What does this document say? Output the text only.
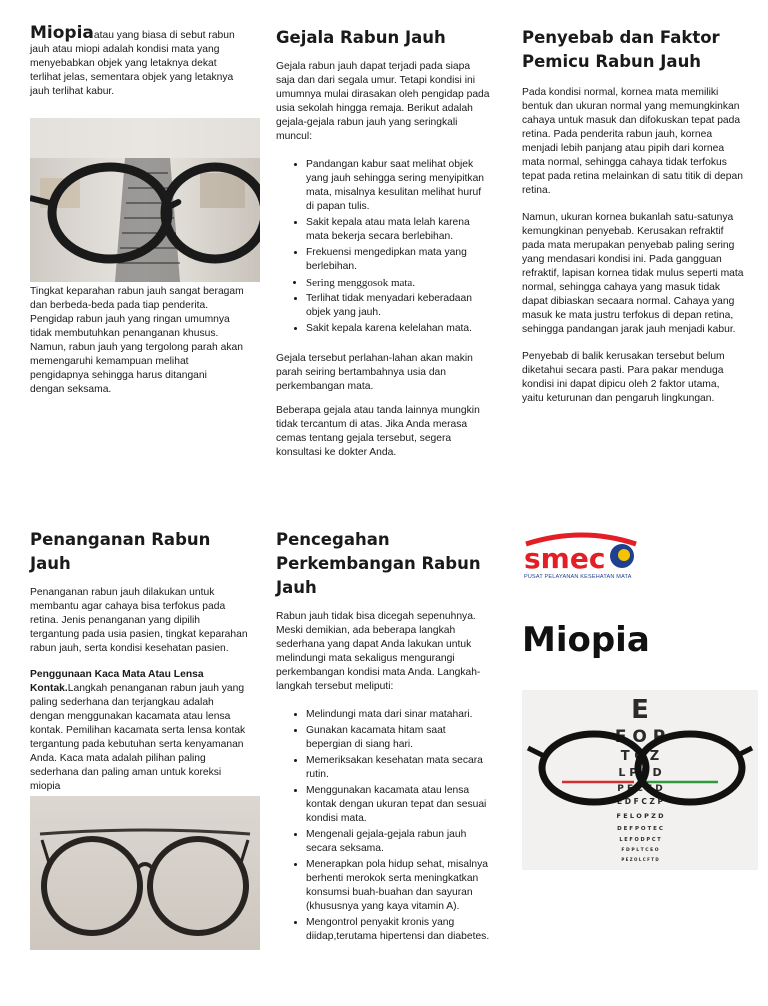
Miopiaatau yang biasa di sebut rabun jauh atau miopi adalah kondisi mata yang menyebabkan objek yang letaknya dekat terlihat jelas, sementara objek yang letaknya jauh terlihat kabur.

Tingkat keparahan rabun jauh sangat beragam dan berbeda-beda pada tiap penderita. Pengidap rabun jauh yang ringan umumnya tidak membutuhkan penanganan khusus. Namun, rabun jauh yang tergolong parah akan memengaruhi kemampuan melihat pengidapnya sehingga harus ditangani dengan seksama.

Gejala Rabun Jauh

Gejala rabun jauh dapat terjadi pada siapa saja dan dari segala umur. Tetapi kondisi ini umumnya mulai dirasakan oleh pengidap pada usia sekolah hingga remaja. Berikut adalah gejala-gejala rabun jauh yang seringkali muncul:

• Pandangan kabur saat melihat objek yang jauh sehingga sering menyipitkan mata, misalnya kesulitan melihat huruf di papan tulis.
• Sakit kepala atau mata lelah karena mata bekerja secara berlebihan.
• Frekuensi mengedipkan mata yang berlebihan.
• Sering menggosok mata.
• Terlihat tidak menyadari keberadaan objek yang jauh.
• Sakit kepala karena kelelahan mata.

Gejala tersebut perlahan-lahan akan makin parah seiring bertambahnya usia dan perkembangan mata.

Beberapa gejala atau tanda lainnya mungkin tidak tercantum di atas. Jika Anda merasa cemas tentang gejala tersebut, segera konsultasi ke dokter Anda.

Penyebab dan Faktor Pemicu Rabun Jauh

Pada kondisi normal, kornea mata memiliki bentuk dan ukuran normal yang memungkinkan cahaya untuk masuk dan difokuskan tepat pada retina. Pada penderita rabun jauh, kornea menjadi lebih panjang atau pipih dari kornea mata normal, sehingga cahaya tidak terfokus tepat pada retina melainkan di satu titik di depan retina.

Namun, ukuran kornea bukanlah satu-satunya kemungkinan penyebab. Kerusakan refraktif pada mata merupakan penyebab paling sering yang mendasari kondisi ini. Pada gangguan refraktif, lapisan kornea tidak mulus seperti mata normal, sehingga cahaya yang masuk tidak dapat dibiaskan secaara normal. Cahaya yang masuk ke mata justru terfokus di depan retina, sehingga pandangan jarak jauh menjadi kabur.

Penyebab di balik kerusakan tersebut belum diketahui secara pasti. Para pakar menduga kondisi ini dapat dipicu oleh 2 faktor utama, yaitu keturunan dan pengaruh lingkungan.

Penanganan Rabun Jauh

Penanganan rabun jauh dilakukan untuk membantu agar cahaya bisa terfokus pada retina. Jenis penanganan yang dipilih tergantung pada usia pasien, tingkat keparahan rabun jauh, serta kondisi kesehatan pasien.

Penggunaan Kaca Mata Atau Lensa Kontak.Langkah penanganan rabun jauh yang paling sederhana dan terjangkau adalah dengan menggunakan kacamata atau lensa kontak. Pemilihan kacamata serta lensa kontak tergantung pada kebutuhan serta kenyamanan Anda. Kaca mata adalah pilihan paling sederhana dan paling aman untuk koreksi miopia

Pencegahan Perkembangan Rabun Jauh

Rabun jauh tidak bisa dicegah sepenuhnya. Meski demikian, ada beberapa langkah sederhana yang dapat Anda lakukan untuk melindungi mata sekaligus mengurangi perkembangan kondisi mata Anda. Langkah-langkah tersebut meliputi:

• Melindungi mata dari sinar matahari.
• Gunakan kacamata hitam saat bepergian di siang hari.
• Memeriksakan kesehatan mata secara rutin.
• Menggunakan kacamata atau lensa kontak dengan ukuran tepat dan sesuai kondisi mata.
• Mengenali gejala-gejala rabun jauh secara seksama.
• Menerapkan pola hidup sehat, misalnya berhenti merokok serta meningkatkan konsumsi buah-buahan dan sayuran (khususnya yang kaya vitamin A).
• Mengontrol penyakit kronis yang diidap,terutama hipertensi dan diabetes.
smec
PUSAT PELAYANAN KESEHATAN MATA
Miopia
E
F O P
T O Z
L P E D
P E C F D
E D F C Z P
F E L O P Z D
D E F P O T E C
L E F O D P C T
F D P L T C E O
P E Z O L C F T D
